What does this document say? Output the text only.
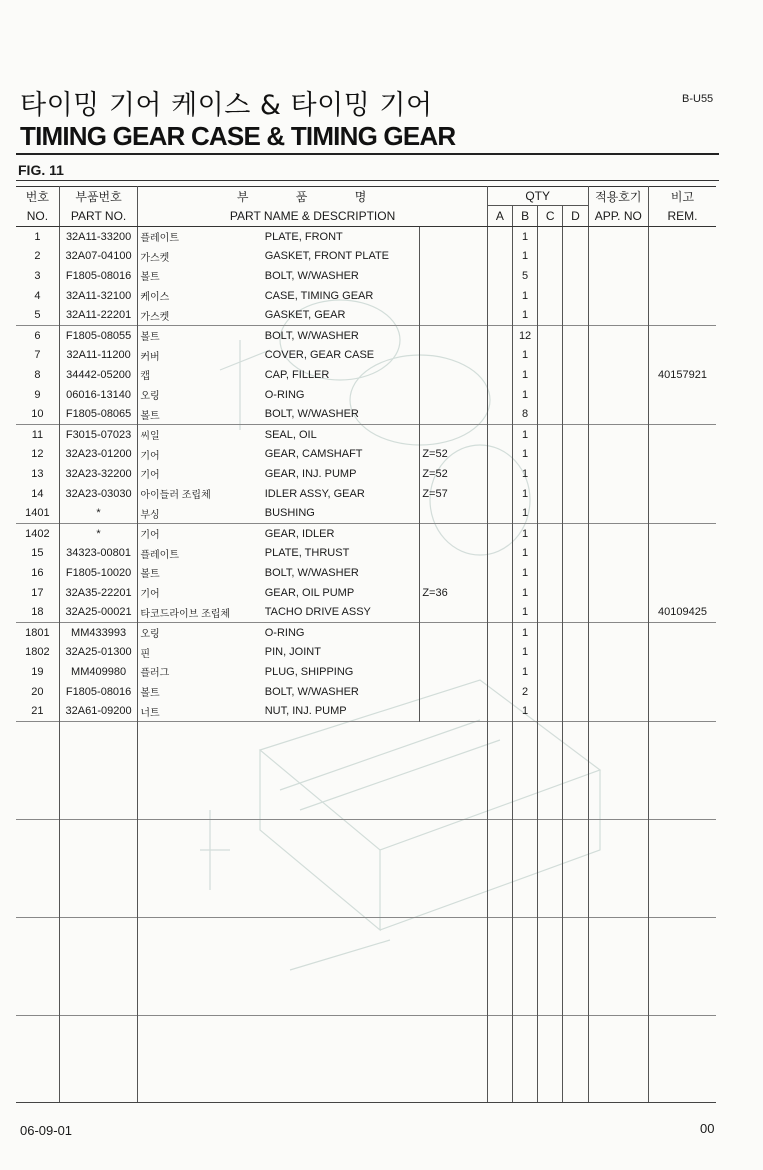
타이밍 기어 케이스 & 타이밍 기어	B-U55
TIMING GEAR CASE & TIMING GEAR
FIG. 11
번호	부품번호	부 품 명			QTY				적용호기	비고
NO.	PART NO.	PART NAME & DESCRIPTION			A	B	C	D	APP. NO	REM.
1	32A11-33200	플레이트	PLATE, FRONT			1				
2	32A07-04100	가스켓	GASKET, FRONT PLATE			1				
3	F1805-08016	볼트	BOLT, W/WASHER			5				
4	32A11-32100	케이스	CASE, TIMING GEAR			1				
5	32A11-22201	가스켓	GASKET, GEAR			1				
6	F1805-08055	볼트	BOLT, W/WASHER			12				
7	32A11-11200	커버	COVER, GEAR CASE			1				
8	34442-05200	캡	CAP, FILLER			1				40157921
9	06016-13140	오링	O-RING			1				
10	F1805-08065	볼트	BOLT, W/WASHER			8				
11	F3015-07023	씨일	SEAL, OIL			1				
12	32A23-01200	기어	GEAR, CAMSHAFT	Z=52		1				
13	32A23-32200	기어	GEAR, INJ. PUMP	Z=52		1				
14	32A23-03030	아이들러 조립체	IDLER ASSY, GEAR	Z=57		1				
1401	*	부싱	BUSHING			1				
1402	*	기어	GEAR, IDLER			1				
15	34323-00801	플레이트	PLATE, THRUST			1				
16	F1805-10020	볼트	BOLT, W/WASHER			1				
17	32A35-22201	기어	GEAR, OIL PUMP	Z=36		1				
18	32A25-00021	타코드라이브 조립체	TACHO DRIVE ASSY			1				40109425
1801	MM433993	오링	O-RING			1				
1802	32A25-01300	핀	PIN, JOINT			1				
19	MM409980	플러그	PLUG, SHIPPING			1				
20	F1805-08016	볼트	BOLT, W/WASHER			2				
21	32A61-09200	너트	NUT, INJ. PUMP			1				

06-09-01	00
